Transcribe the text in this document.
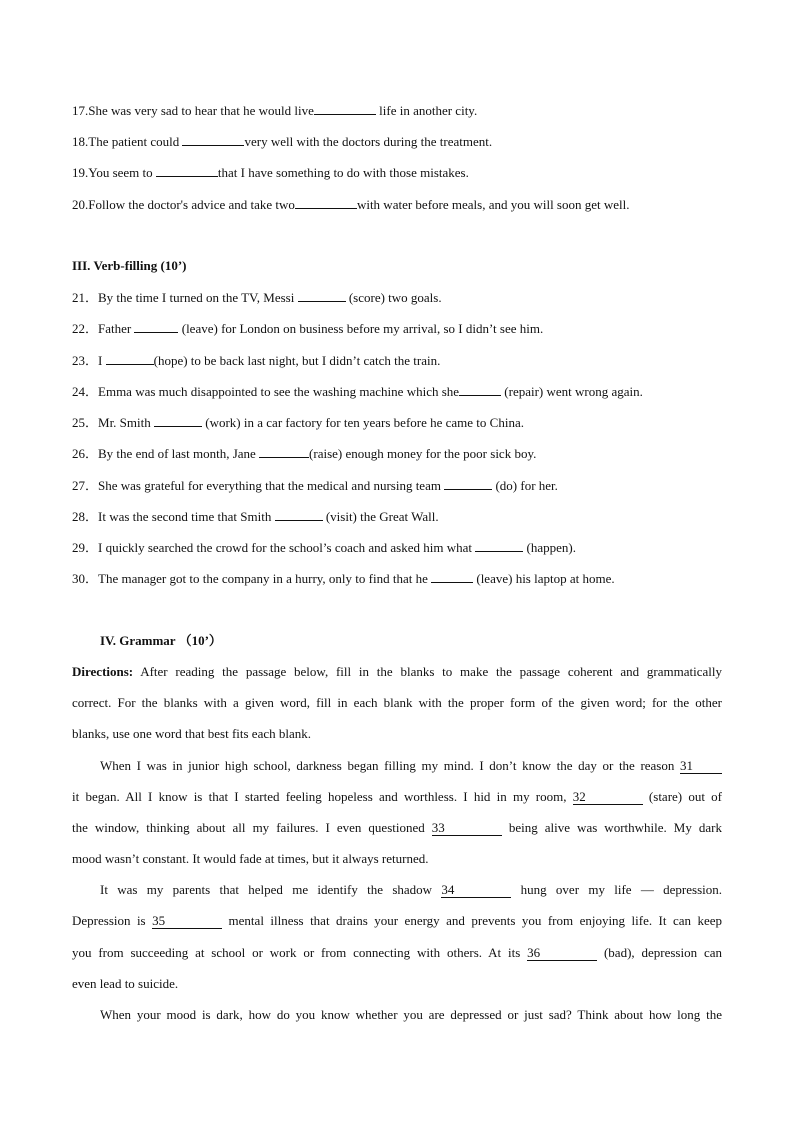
17.She was very sad to hear that he would live	life in another city.
18.The patient could	very well with the doctors during the treatment.
19.You seem to	that I have something to do with those mistakes.
20.Follow the doctor's advice and take two	with water before meals, and you will soon get well.
III. Verb-filling (10’)
21．By the time I turned on the TV, Messi	(score) two goals.
22．Father	(leave) for London on business before my arrival, so I didn’t see him.
23．I	(hope) to be back last night, but I didn’t catch the train.
24．Emma was much disappointed to see the washing machine which she	(repair) went wrong again.
25．Mr. Smith	(work) in a car factory for ten years before he came to China.
26．By the end of last month, Jane	(raise) enough money for the poor sick boy.
27．She was grateful for everything that the medical and nursing team	(do) for her.
28．It was the second time that Smith	(visit) the Great Wall.
29．I quickly searched the crowd for the school’s coach and asked him what	(happen).
30．The manager got to the company in a hurry, only to find that he	(leave) his laptop at home.
IV. Grammar （10’）
Directions: After reading the passage below, fill in the blanks to make the passage coherent and grammatically
correct. For the blanks with a given word, fill in each blank with the proper form of the given word; for the other
blanks, use one word that best fits each blank.
When I was in junior high school, darkness began filling my mind. I don’t know the day or the reason 31
it began. All I know is that I started feeling hopeless and worthless. I hid in my room, 32	(stare) out of
the window, thinking about all my failures. I even questioned 33	being alive was worthwhile. My dark
mood wasn’t constant. It would fade at times, but it always returned.
It was my parents that helped me identify the shadow 34	hung over my life — depression.
Depression is 35	mental illness that drains your energy and prevents you from enjoying life. It can keep
you from succeeding at school or work or from connecting with others. At its 36	(bad), depression can
even lead to suicide.
When your mood is dark, how do you know whether you are depressed or just sad? Think about how long the
